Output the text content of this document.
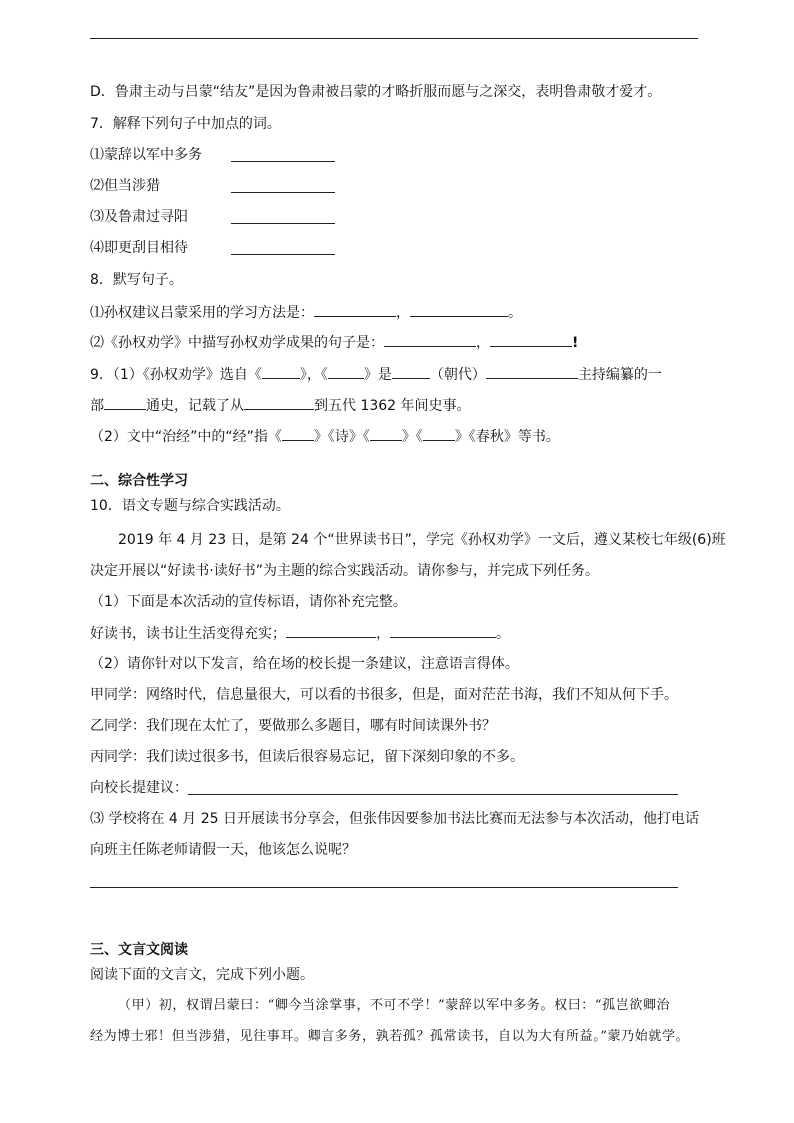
D．鲁肃主动与吕蒙“结友”是因为鲁肃被吕蒙的才略折服而愿与之深交，表明鲁肃敬才爱才。
7．解释下列句子中加点的词。
⑴蒙辞以军中多务
⑵但当涉猎
⑶及鲁肃过寻阳
⑷即更刮目相待
8．默写句子。
⑴孙权建议吕蒙采用的学习方法是：	，	。
⑵《孙权劝学》中描写孙权劝学成果的句子是：	，	!
9．（1）《孙权劝学》选自《	》，《	》是	（朝代）	主持编纂的一
部	通史，记载了从	到五代 1362 年间史事。
（2）文中“治经”中的“经”指《 》《诗》《 》《 》《春秋》等书。
二、综合性学习
10．语文专题与综合实践活动。
2019 年 4 月 23 日，是第 24 个“世界读书日”，学完《孙权劝学》一文后，遵义某校七年级(6)班
决定开展以“好读书·读好书”为主题的综合实践活动。请你参与，并完成下列任务。
（1）下面是本次活动的宣传标语，请你补充完整。
好读书，读书让生活变得充实；	，	。
（2）请你针对以下发言，给在场的校长提一条建议，注意语言得体。
甲同学：网络时代，信息量很大，可以看的书很多，但是，面对茫茫书海，我们不知从何下手。
乙同学：我们现在太忙了，要做那么多题目，哪有时间读课外书？
丙同学：我们读过很多书，但读后很容易忘记，留下深刻印象的不多。
向校长提建议：
⑶ 学校将在 4 月 25 日开展读书分享会，但张伟因要参加书法比赛而无法参与本次活动，他打电话
向班主任陈老师请假一天，他该怎么说呢？
三、文言文阅读
阅读下面的文言文，完成下列小题。
（甲）初，权谓吕蒙曰：“卿今当涂掌事，不可不学！”蒙辞以军中多务。权曰：“孤岂欲卿治
经为博士邪！但当涉猎，见往事耳。卿言多务，孰若孤？孤常读书，自以为大有所益。”蒙乃始就学。
